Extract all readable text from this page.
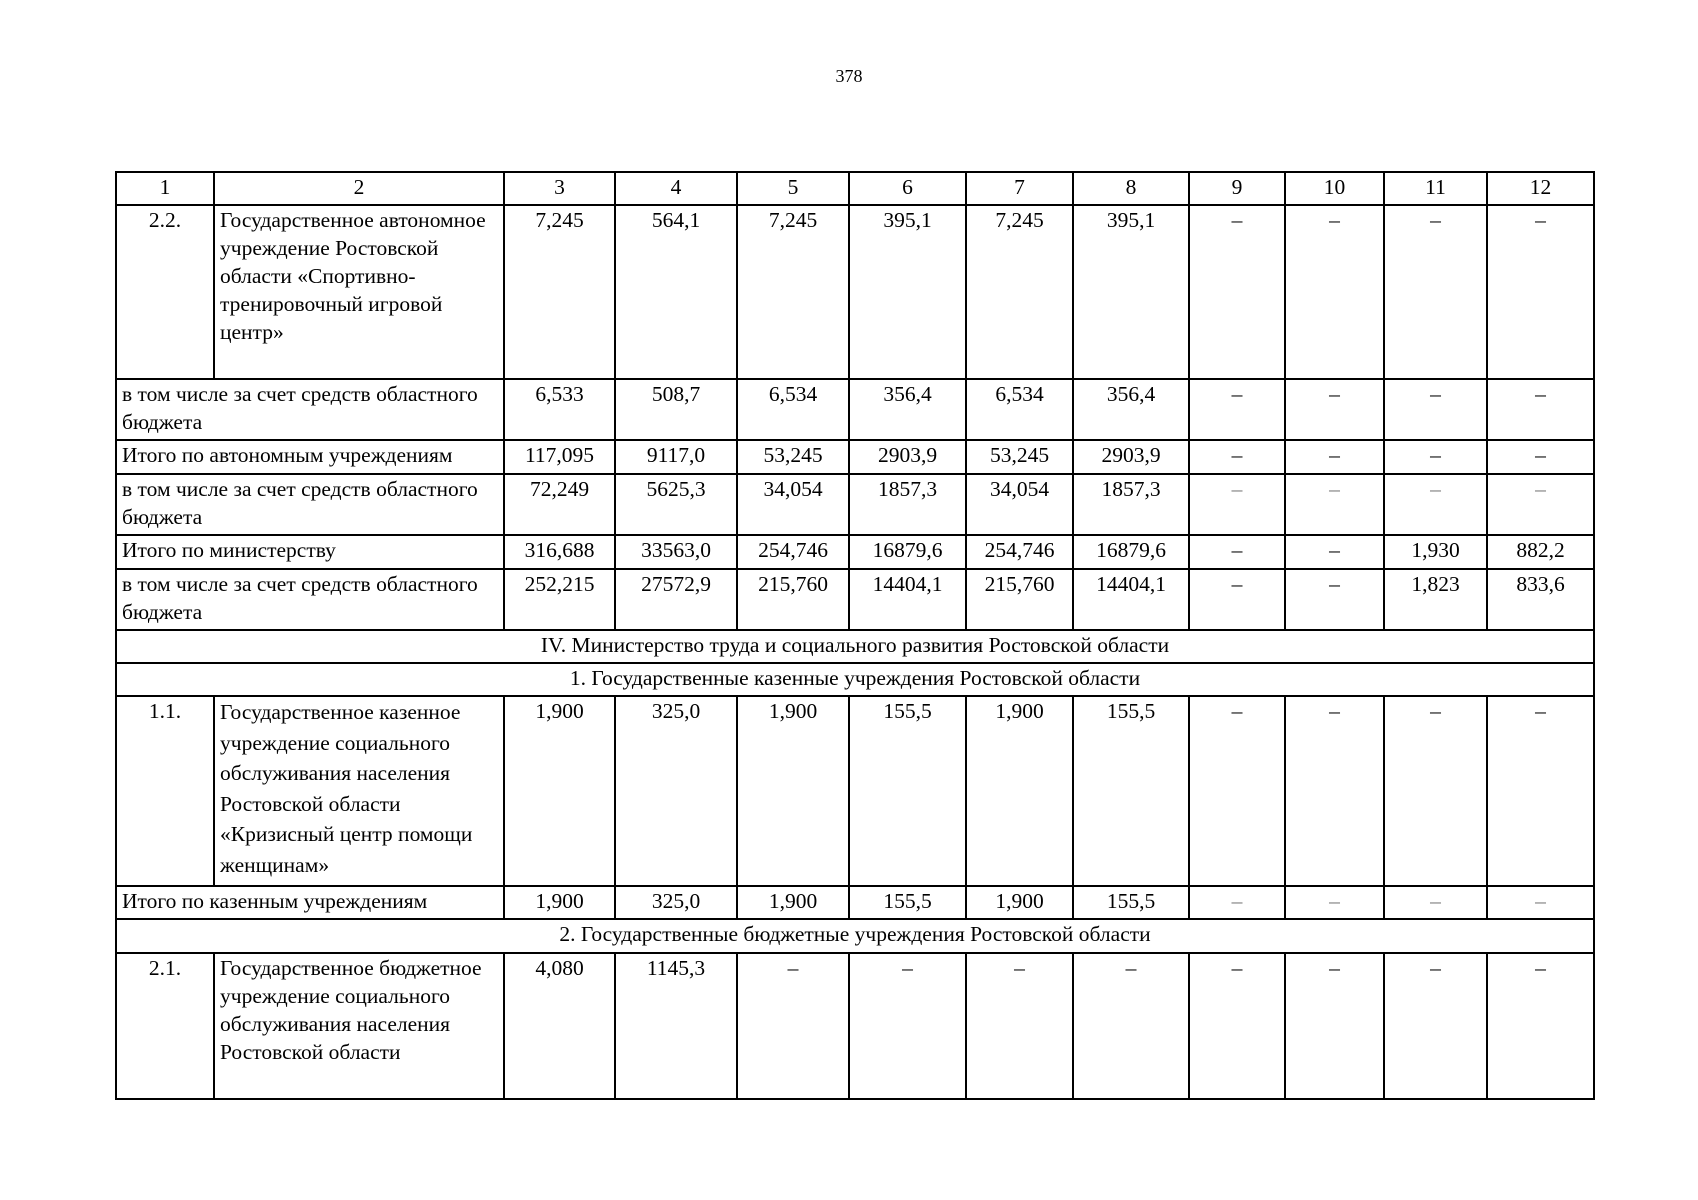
378
1	2	3	4	5	6	7	8	9	10	11	12
2.2.	Государственное автономное учреждение Ростовской области «Спортивно-тренировочный игровой центр»	7,245	564,1	7,245	395,1	7,245	395,1	–	–	–	–
в том числе за счет средств областного бюджета		6,533	508,7	6,534	356,4	6,534	356,4	–	–	–	–
Итого по автономным учреждениям		117,095	9117,0	53,245	2903,9	53,245	2903,9	–	–	–	–
в том числе за счет средств областного бюджета		72,249	5625,3	34,054	1857,3	34,054	1857,3	–	–	–	–
Итого по министерству		316,688	33563,0	254,746	16879,6	254,746	16879,6	–	–	1,930	882,2
в том числе за счет средств областного бюджета		252,215	27572,9	215,760	14404,1	215,760	14404,1	–	–	1,823	833,6
IV. Министерство труда и социального развития Ростовской области											
1. Государственные казенные учреждения Ростовской области											
1.1.	Государственное казенное учреждение социального обслуживания населения Ростовской области «Кризисный центр помощи женщинам»	1,900	325,0	1,900	155,5	1,900	155,5	–	–	–	–
Итого по казенным учреждениям		1,900	325,0	1,900	155,5	1,900	155,5	–	–	–	–
2. Государственные бюджетные учреждения Ростовской области											
2.1.	Государственное бюджетное учреждение социального обслуживания населения Ростовской области	4,080	1145,3	–	–	–	–	–	–	–	–
